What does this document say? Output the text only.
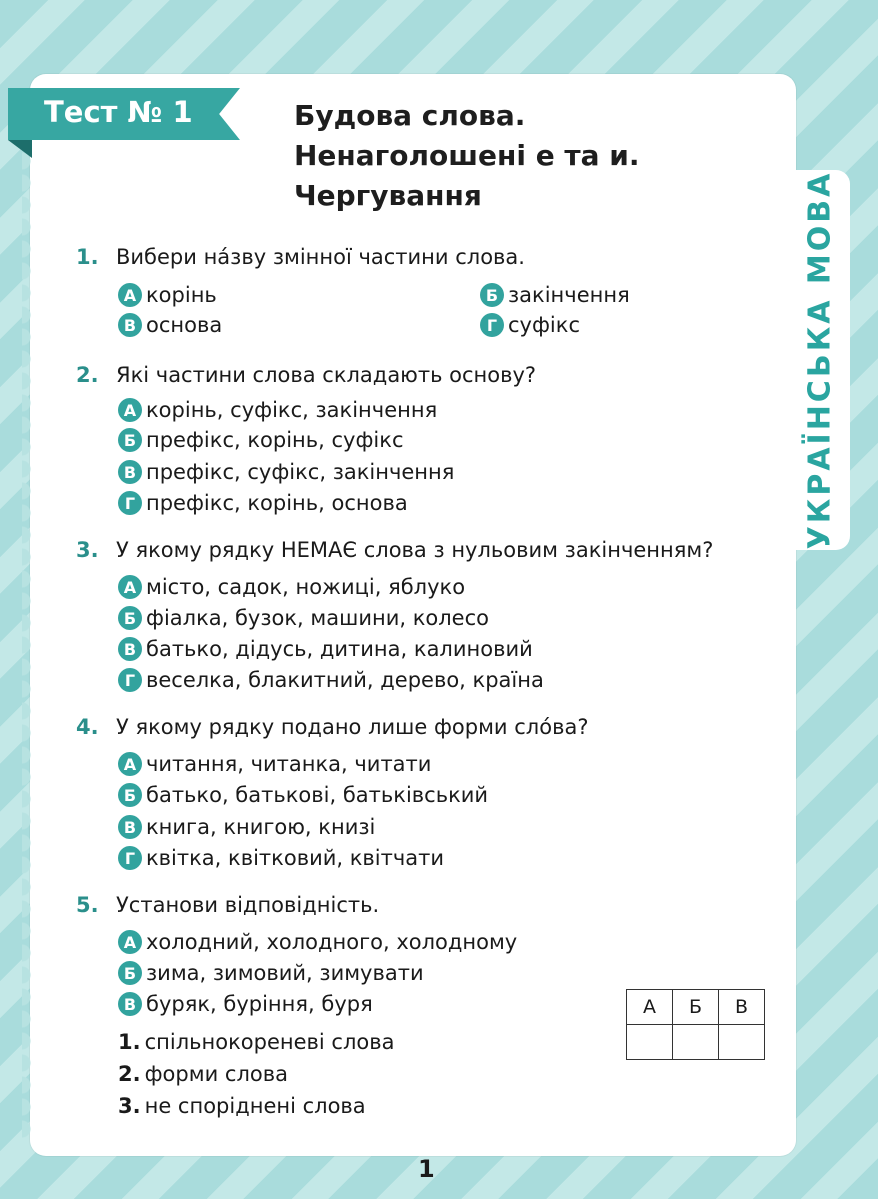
УКРАЇНСЬКА МОВА
Тест № 1	Будова слова.
Ненаголошені е та и.
Чергування
1. Вибери на́зву змінної частини слова.
А корінь	Б закінчення
В основа	Г суфікс
2. Які частини слова складають основу?
А корінь, суфікс, закінчення
Б префікс, корінь, суфікс
В префікс, суфікс, закінчення
Г префікс, корінь, основа
3. У якому рядку НЕМАЄ слова з нульовим закінченням?
А місто, садок, ножиці, яблуко
Б фіалка, бузок, машини, колесо
В батько, дідусь, дитина, калиновий
Г веселка, блакитний, дерево, країна
4. У якому рядку подано лише форми сло́ва?
А читання, читанка, читати
Б батько, батькові, батьківський
В книга, книгою, книзі
Г квітка, квітковий, квітчати
5. Установи відповідність.
А холодний, холодного, холодному
Б зима, зимовий, зимувати
В буряк, буріння, буря
1. спільнокореневі слова
2. форми слова
3. не споріднені слова
А	Б	В

1
